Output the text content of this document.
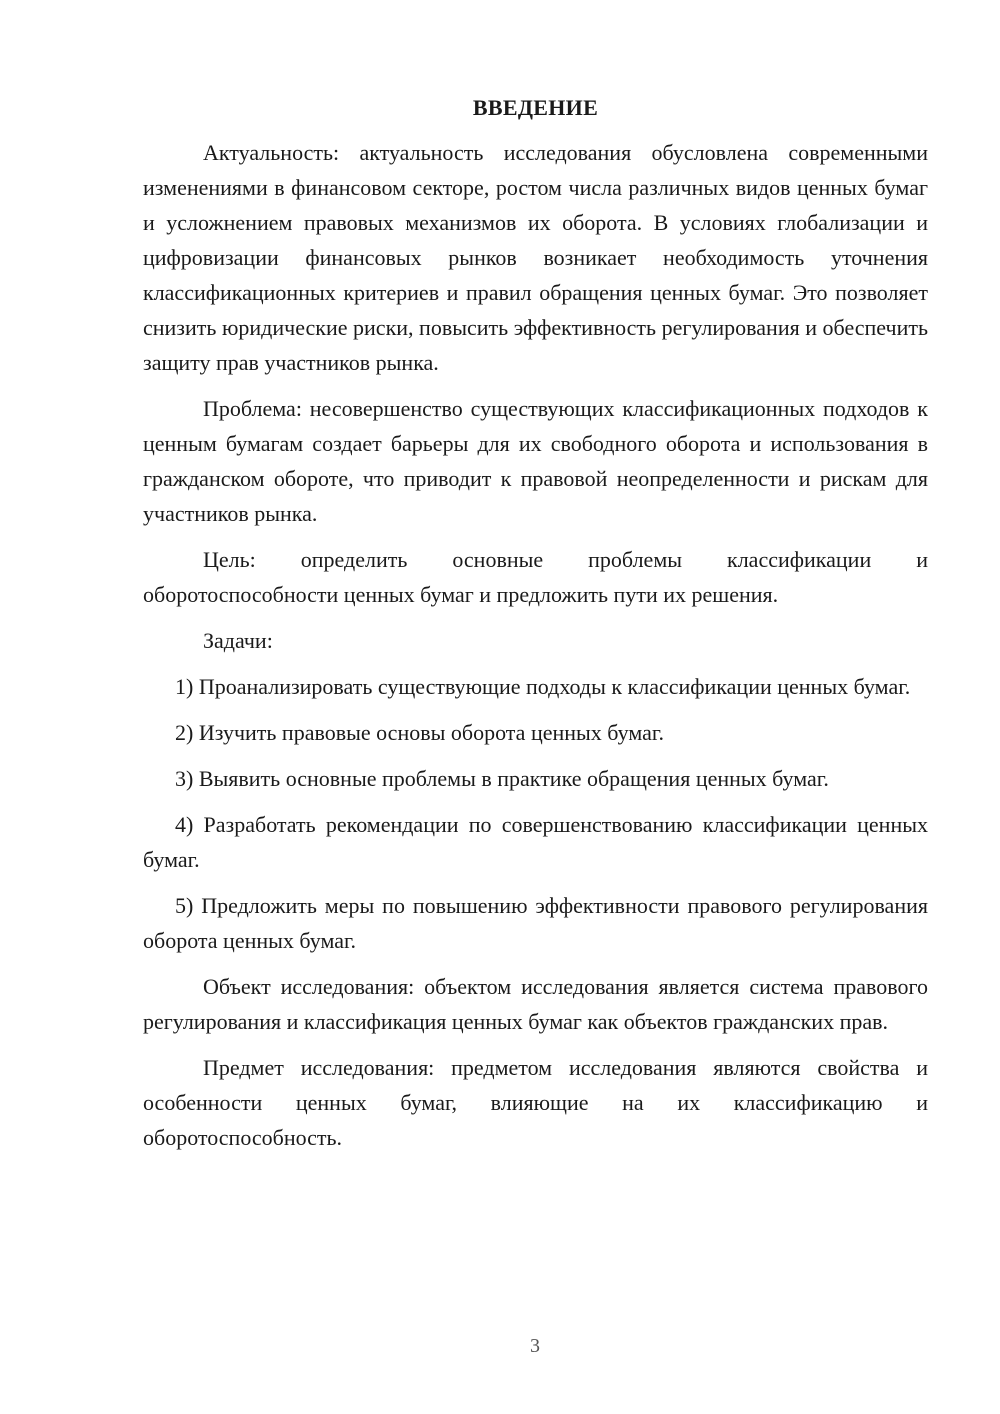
ВВЕДЕНИЕ

Актуальность: актуальность исследования обусловлена современными изменениями в финансовом секторе, ростом числа различных видов ценных бумаг и усложнением правовых механизмов их оборота. В условиях глобализации и цифровизации финансовых рынков возникает необходимость уточнения классификационных критериев и правил обращения ценных бумаг. Это позволяет снизить юридические риски, повысить эффективность регулирования и обеспечить защиту прав участников рынка.

Проблема: несовершенство существующих классификационных подходов к ценным бумагам создает барьеры для их свободного оборота и использования в гражданском обороте, что приводит к правовой неопределенности и рискам для участников рынка.

Цель: определить основные проблемы классификации и оборотоспособности ценных бумаг и предложить пути их решения.

Задачи:

1) Проанализировать существующие подходы к классификации ценных бумаг.

2) Изучить правовые основы оборота ценных бумаг.

3) Выявить основные проблемы в практике обращения ценных бумаг.

4) Разработать рекомендации по совершенствованию классификации ценных бумаг.

5) Предложить меры по повышению эффективности правового регулирования оборота ценных бумаг.

Объект исследования: объектом исследования является система правового регулирования и классификация ценных бумаг как объектов гражданских прав.

Предмет исследования: предметом исследования являются свойства и особенности ценных бумаг, влияющие на их классификацию и оборотоспособность.

3
